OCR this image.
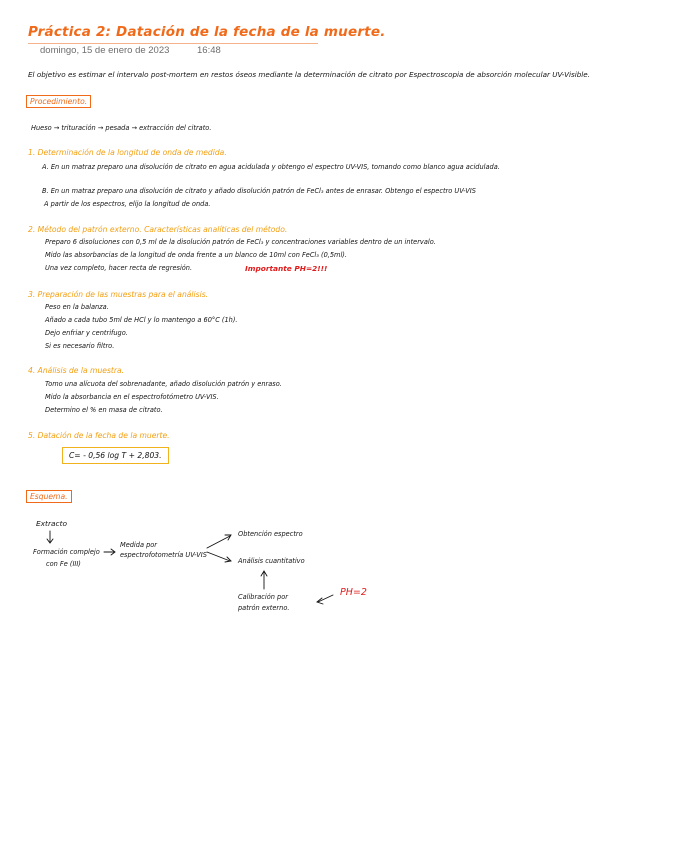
Práctica 2: Datación de la fecha de la muerte.
domingo, 15 de enero de 2023	16:48
El objetivo es estimar el intervalo post-mortem en restos óseos mediante la determinación de citrato por Espectroscopia de absorción molecular UV-Visible.
Procedimiento.
Hueso → trituración → pesada → extracción del citrato.
1. Determinación de la longitud de onda de medida.
A. En un matraz preparo una disolución de citrato en agua acidulada y obtengo el espectro UV-VIS, tomando como blanco agua acidulada.
B. En un matraz preparo una disolución de citrato y añado disolución patrón de FeCl₃ antes de enrasar. Obtengo el espectro UV-VIS
A partir de los espectros, elijo la longitud de onda.
2. Método del patrón externo. Características analíticas del método.
Preparo 6 disoluciones con 0,5 ml de la disolución patrón de FeCl₃ y concentraciones variables dentro de un intervalo.
Mido las absorbancias de la longitud de onda frente a un blanco de 10ml con FeCl₃ (0,5ml).
Una vez completo, hacer recta de regresión.	Importante PH=2!!!
3. Preparación de las muestras para el análisis.
Peso en la balanza.
Añado a cada tubo 5ml de HCl y lo mantengo a 60°C (1h).
Dejo enfriar y centrifugo.
Si es necesario filtro.
4. Análisis de la muestra.
Tomo una alícuota del sobrenadante, añado disolución patrón y enraso.
Mido la absorbancia en el espectrofotómetro UV-VIS.
Determino el % en masa de citrato.
5. Datación de la fecha de la muerte.
C= - 0,56 log T + 2,803.
Esquema.
Extracto
Formación complejo
con Fe (III)
Medida por
espectrofotometría UV-VIS
Obtención espectro
Análisis cuantitativo
Calibración por
patrón externo.
PH=2
